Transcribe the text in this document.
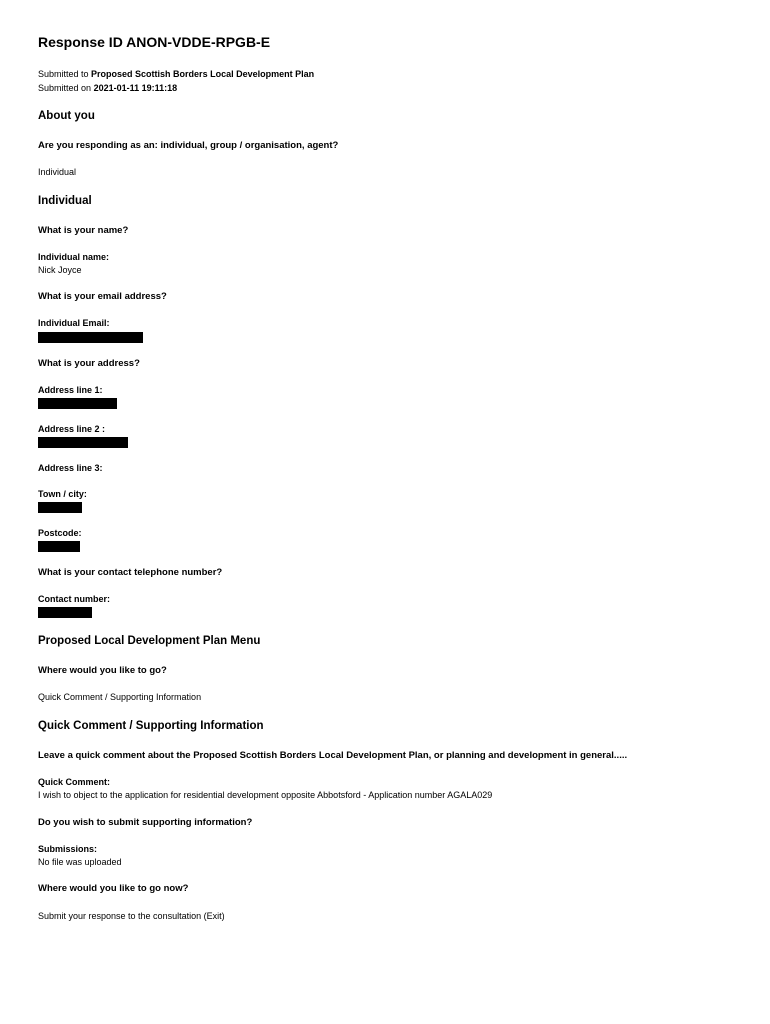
Response ID ANON-VDDE-RPGB-E
Submitted to Proposed Scottish Borders Local Development Plan
Submitted on 2021-01-11 19:11:18
About you
Are you responding as an: individual, group / organisation, agent?
Individual
Individual
What is your name?
Individual name:
Nick Joyce
What is your email address?
Individual Email:
What is your address?
Address line 1:
Address line 2 :
Address line 3:
Town / city:
Postcode:
What is your contact telephone number?
Contact number:
Proposed Local Development Plan Menu
Where would you like to go?
Quick Comment / Supporting Information
Quick Comment / Supporting Information
Leave a quick comment about the Proposed Scottish Borders Local Development Plan, or planning and development in general.....
Quick Comment:
I wish to object to the application for residential development opposite Abbotsford - Application number AGALA029
Do you wish to submit supporting information?
Submissions:
No file was uploaded
Where would you like to go now?
Submit your response to the consultation (Exit)
